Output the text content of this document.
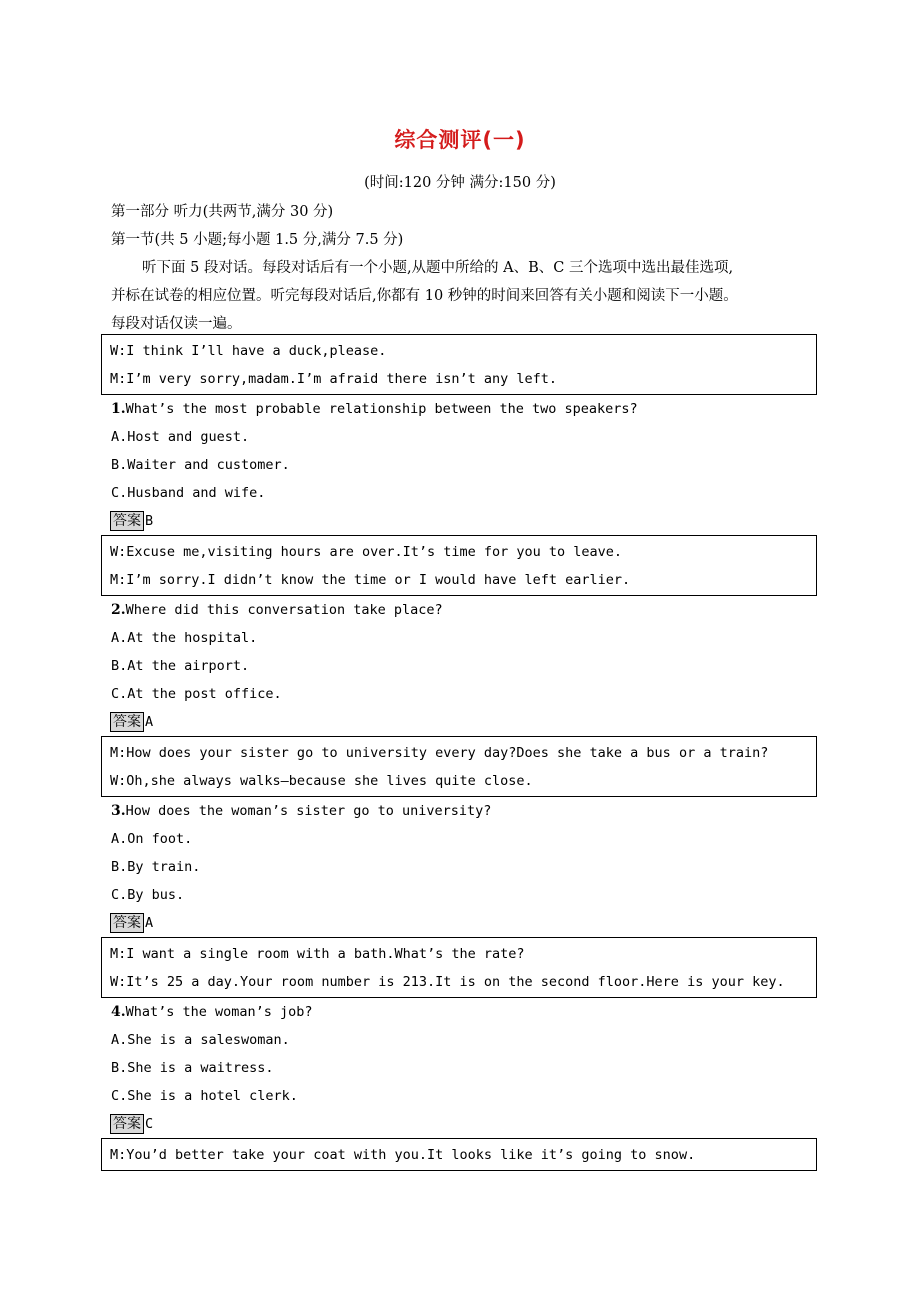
综合测评(一)
(时间:120 分钟 满分:150 分)
第一部分 听力(共两节,满分 30 分)
第一节(共 5 小题;每小题 1.5 分,满分 7.5 分)
听下面 5 段对话。每段对话后有一个小题,从题中所给的 A、B、C 三个选项中选出最佳选项,
并标在试卷的相应位置。听完每段对话后,你都有 10 秒钟的时间来回答有关小题和阅读下一小题。
每段对话仅读一遍。
W:I think I’ll have a duck,please.
M:I’m very sorry,madam.I’m afraid there isn’t any left.
1.What’s the most probable relationship between the two speakers?
A.Host and guest.
B.Waiter and customer.
C.Husband and wife.
答案 B
W:Excuse me,visiting hours are over.It’s time for you to leave.
M:I’m sorry.I didn’t know the time or I would have left earlier.
2.Where did this conversation take place?
A.At the hospital.
B.At the airport.
C.At the post office.
答案 A
M:How does your sister go to university every day?Does she take a bus or a train?
W:Oh,she always walks—because she lives quite close.
3.How does the woman’s sister go to university?
A.On foot.
B.By train.
C.By bus.
答案 A
M:I want a single room with a bath.What’s the rate?
W:It’s 25 a day.Your room number is 213.It is on the second floor.Here is your key.
4.What’s the woman’s job?
A.She is a saleswoman.
B.She is a waitress.
C.She is a hotel clerk.
答案 C
M:You’d better take your coat with you.It looks like it’s going to snow.
